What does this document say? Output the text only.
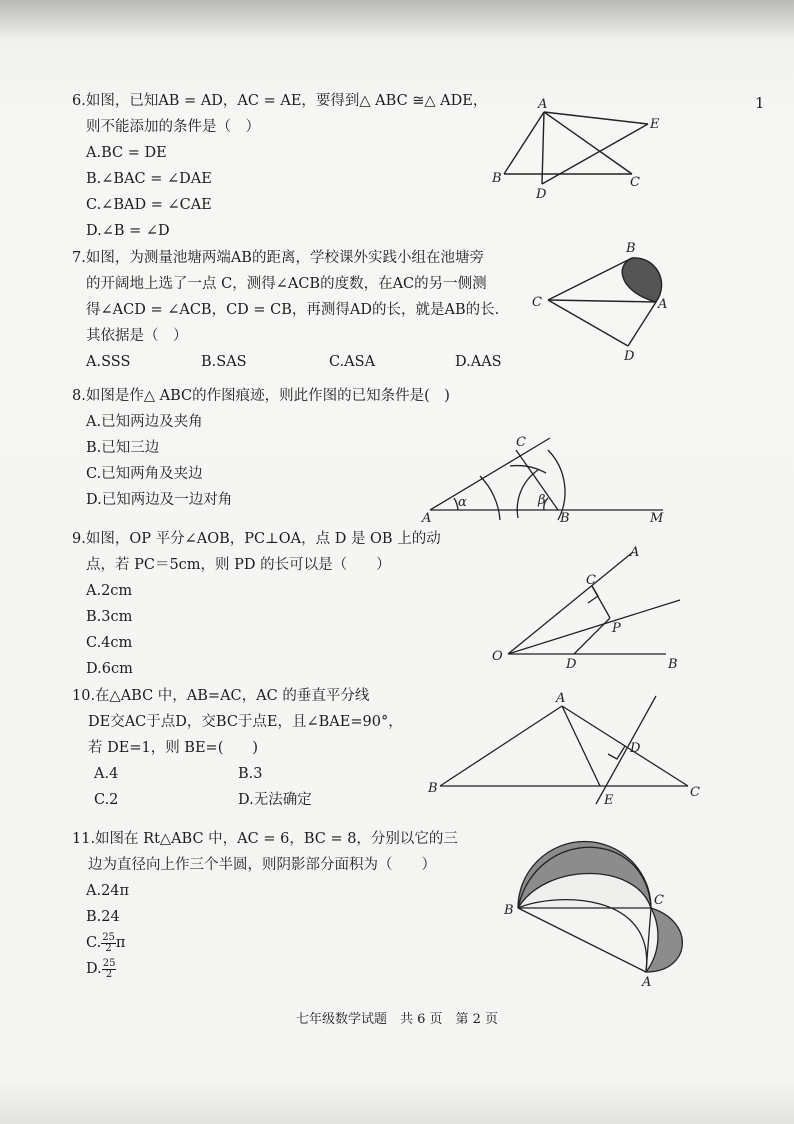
1
6.如图，已知AB = AD，AC = AE，要得到△ ABC ≅△ ADE，
则不能添加的条件是（　）
A.BC = DE
B.∠BAC = ∠DAE
C.∠BAD = ∠CAE
D.∠B = ∠D
A
B	C
D
E
7.如图，为测量池塘两端AB的距离，学校课外实践小组在池塘旁
的开阔地上选了一点 C，测得∠ACB的度数，在AC的另一侧测
得∠ACD = ∠ACB，CD = CB，再测得AD的长，就是AB的长.
其依据是（　）
A.SSS	B.SAS	C.ASA	D.AAS
B
C	A
D
8.如图是作△ ABC的作图痕迹，则此作图的已知条件是(　)
A.已知两边及夹角
B.已知三边
C.已知两角及夹边
D.已知两边及一边对角	α	β
A	B
C
M
9.如图，OP 平分∠AOB，PC⊥OA，点 D 是 OB 上的动
点，若 PC＝5cm，则 PD 的长可以是（　　）
A.2cm
B.3cm
C.4cm
D.6cm
O
A
B
C
D
P
10.在△ABC 中，AB=AC，AC 的垂直平分线
DE交AC于点D，交BC于点E，且∠BAE=90°，
若 DE=1，则 BE=(　　)
A.4	B.3
C.2	D.无法确定
A
B	C
D
E
11.如图在 Rt△ABC 中，AC = 6，BC = 8，分别以它的三
边为直径向上作三个半圆，则阴影部分面积为（　　）
A.24π
B.24
C. $\frac{25}{2}$ π
D. $\frac{25}{2}$
B
C
A
七年级数学试题　共 6 页　第 2 页
